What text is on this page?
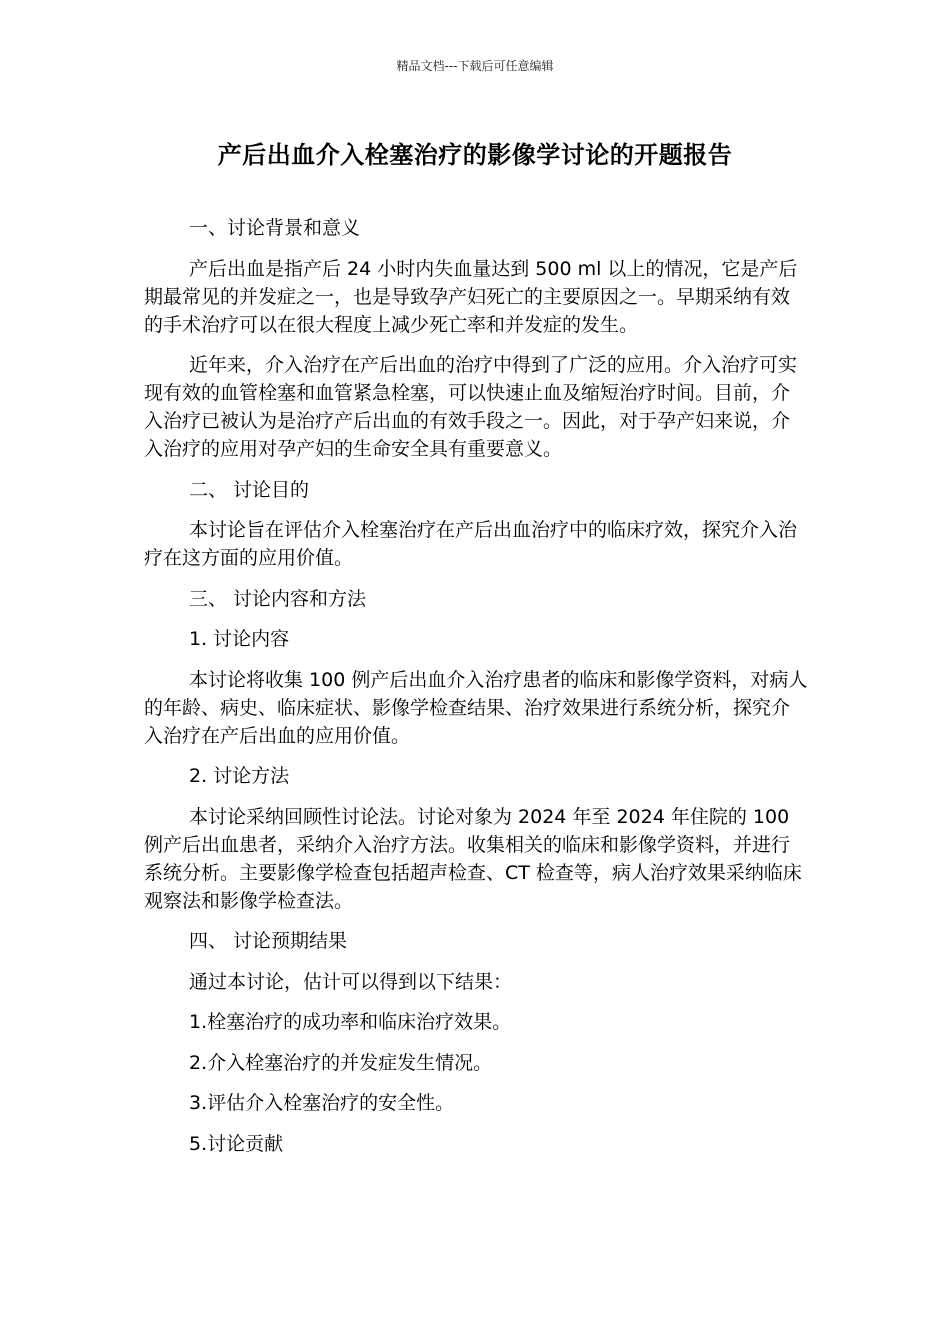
精品文档---下载后可任意编辑
产后出血介入栓塞治疗的影像学讨论的开题报告

一、讨论背景和意义

产后出血是指产后 24 小时内失血量达到 500 ml 以上的情况，它是产后期最常见的并发症之一，也是导致孕产妇死亡的主要原因之一。早期采纳有效的手术治疗可以在很大程度上减少死亡率和并发症的发生。

近年来，介入治疗在产后出血的治疗中得到了广泛的应用。介入治疗可实现有效的血管栓塞和血管紧急栓塞，可以快速止血及缩短治疗时间。目前，介入治疗已被认为是治疗产后出血的有效手段之一。因此，对于孕产妇来说，介入治疗的应用对孕产妇的生命安全具有重要意义。

二、 讨论目的

本讨论旨在评估介入栓塞治疗在产后出血治疗中的临床疗效，探究介入治疗在这方面的应用价值。

三、 讨论内容和方法

1. 讨论内容

本讨论将收集 100 例产后出血介入治疗患者的临床和影像学资料，对病人的年龄、病史、临床症状、影像学检查结果、治疗效果进行系统分析，探究介入治疗在产后出血的应用价值。

2. 讨论方法

本讨论采纳回顾性讨论法。讨论对象为 2024 年至 2024 年住院的 100 例产后出血患者，采纳介入治疗方法。收集相关的临床和影像学资料，并进行系统分析。主要影像学检查包括超声检查、CT 检查等，病人治疗效果采纳临床观察法和影像学检查法。

四、 讨论预期结果

通过本讨论，估计可以得到以下结果：

1.栓塞治疗的成功率和临床治疗效果。

2.介入栓塞治疗的并发症发生情况。

3.评估介入栓塞治疗的安全性。

5.讨论贡献
